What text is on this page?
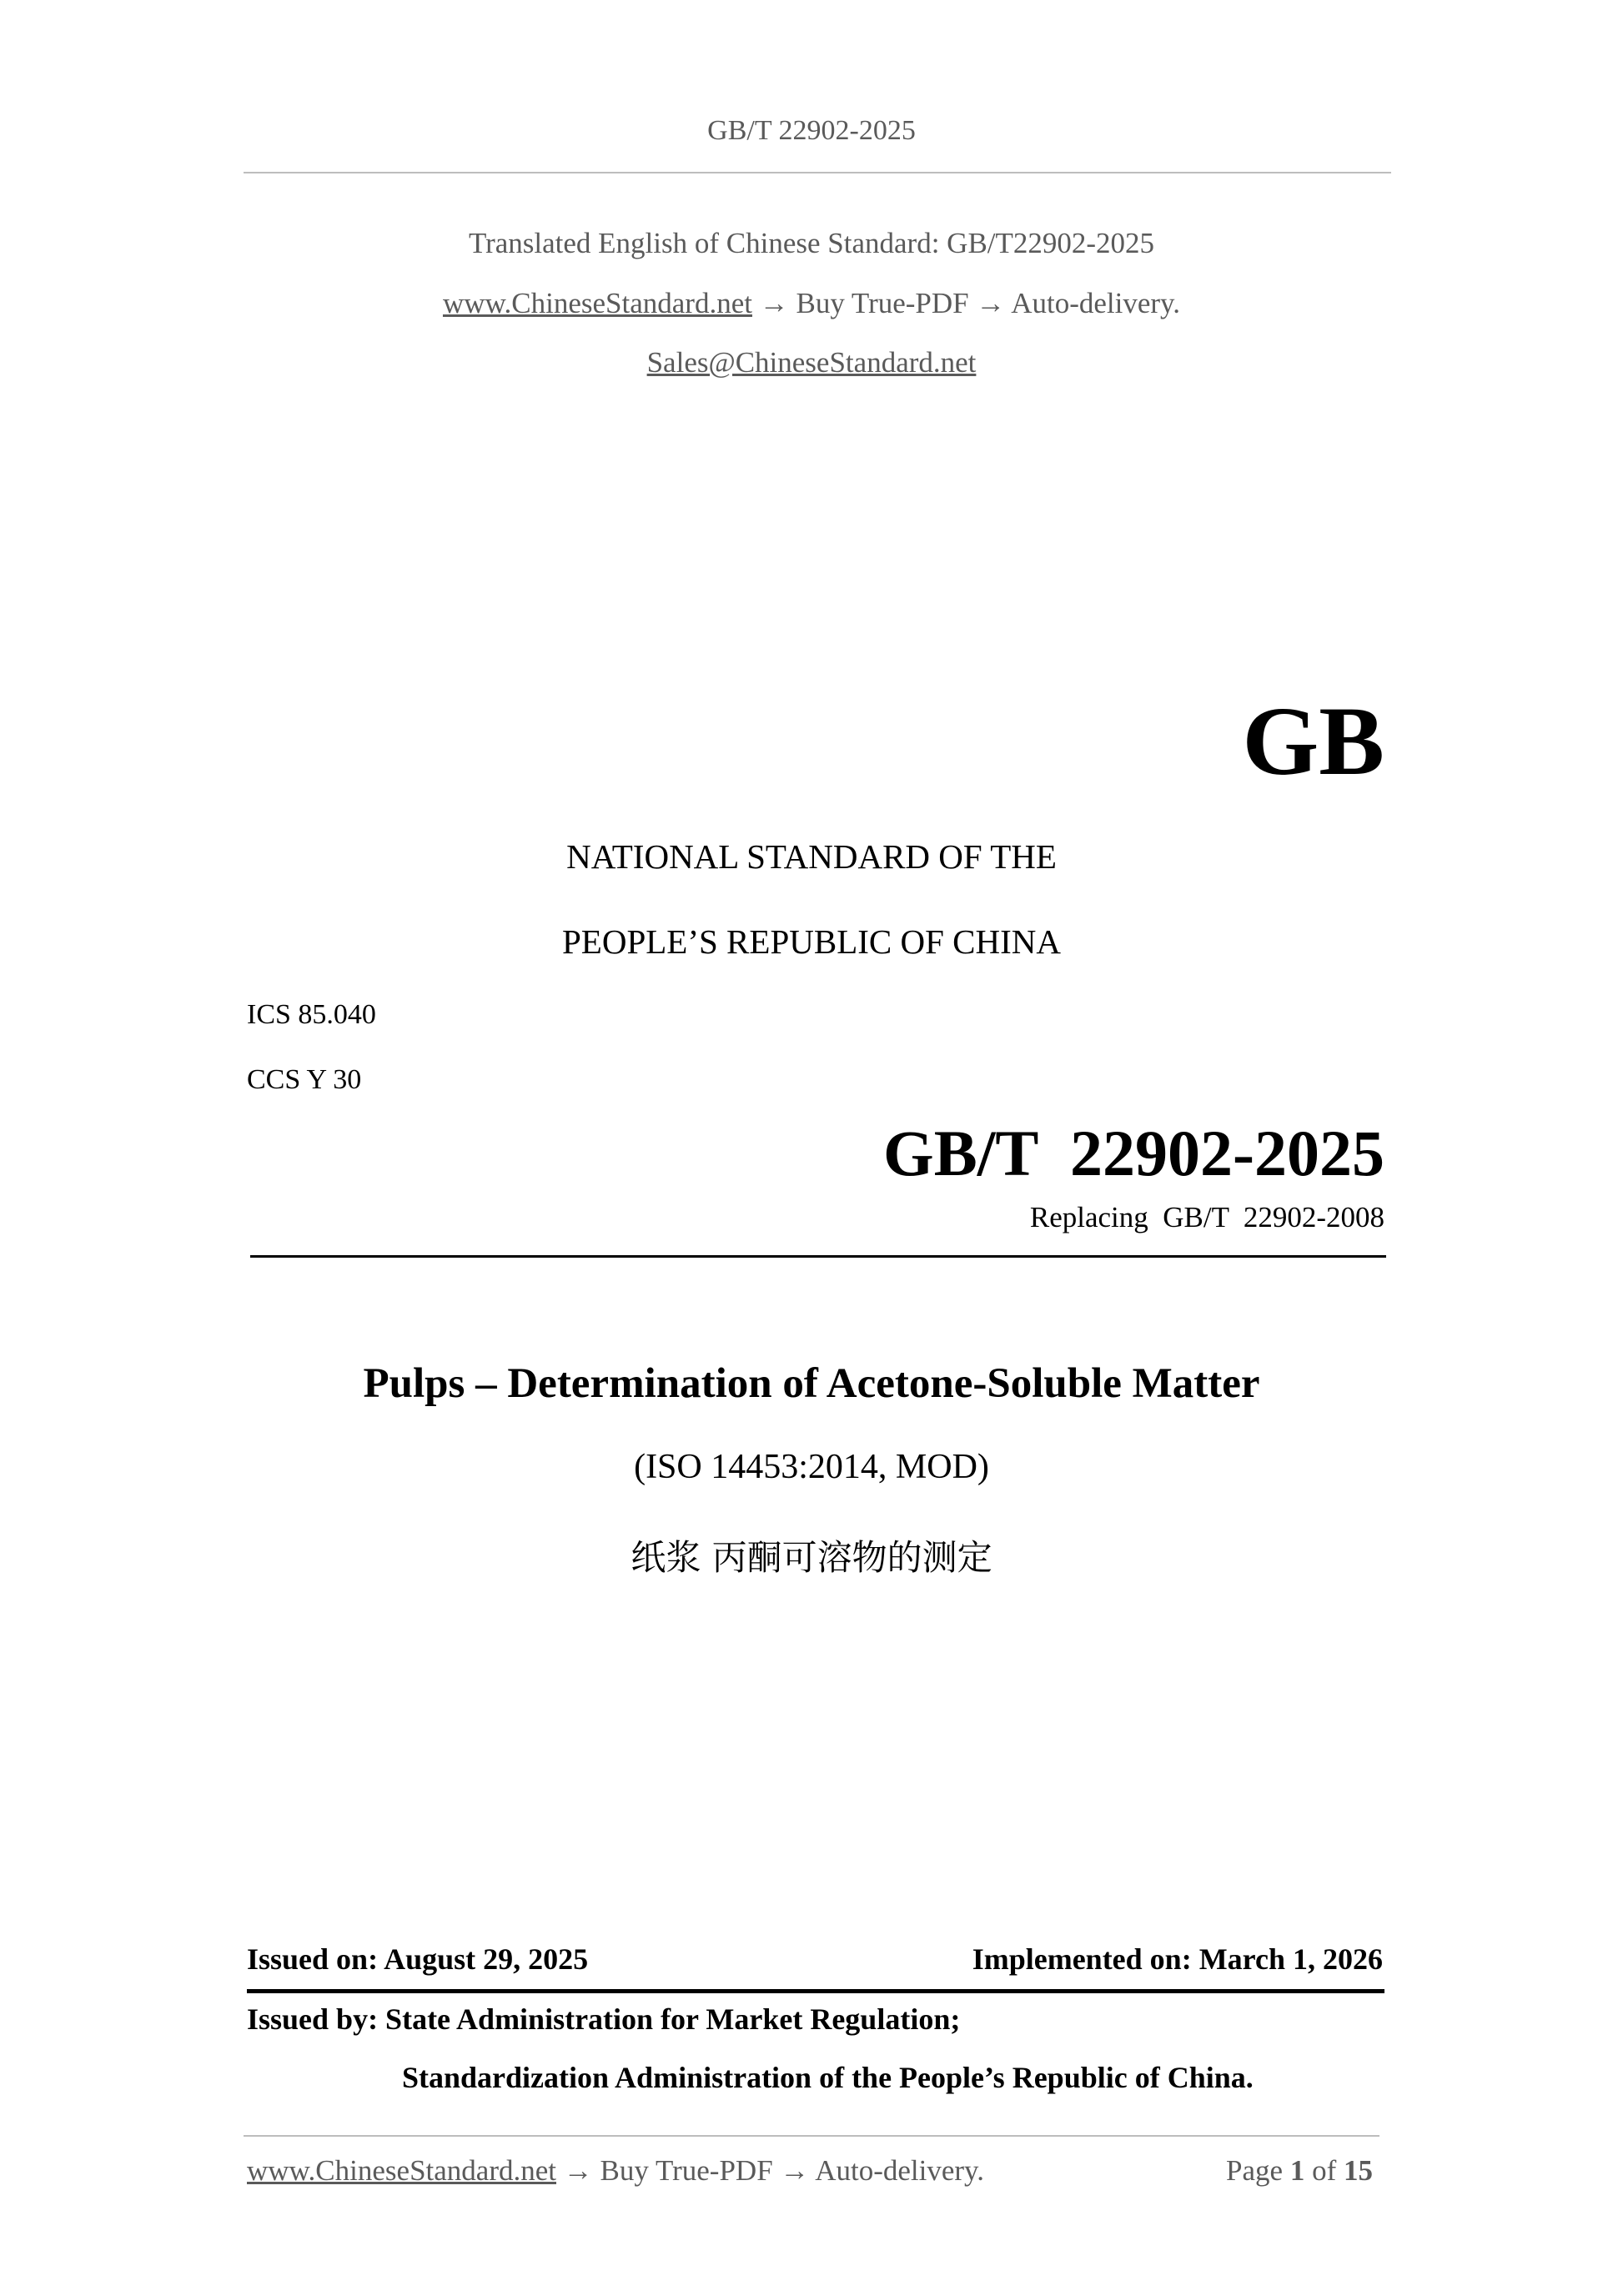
GB/T 22902-2025
Translated English of Chinese Standard: GB/T22902-2025
www.ChineseStandard.net → Buy True-PDF → Auto-delivery.
Sales@ChineseStandard.net
GB
NATIONAL STANDARD OF THE
PEOPLE’S REPUBLIC OF CHINA
ICS 85.040
CCS Y 30
GB/T  22902-2025
Replacing  GB/T  22902-2008
Pulps – Determination of Acetone-Soluble Matter
(ISO 14453:2014, MOD)
纸浆 丙酮可溶物的测定
Issued on: August 29, 2025	Implemented on: March 1, 2026
Issued by: State Administration for Market Regulation;
Standardization Administration of the People’s Republic of China.
www.ChineseStandard.net → Buy True-PDF → Auto-delivery.	Page 1 of 15
